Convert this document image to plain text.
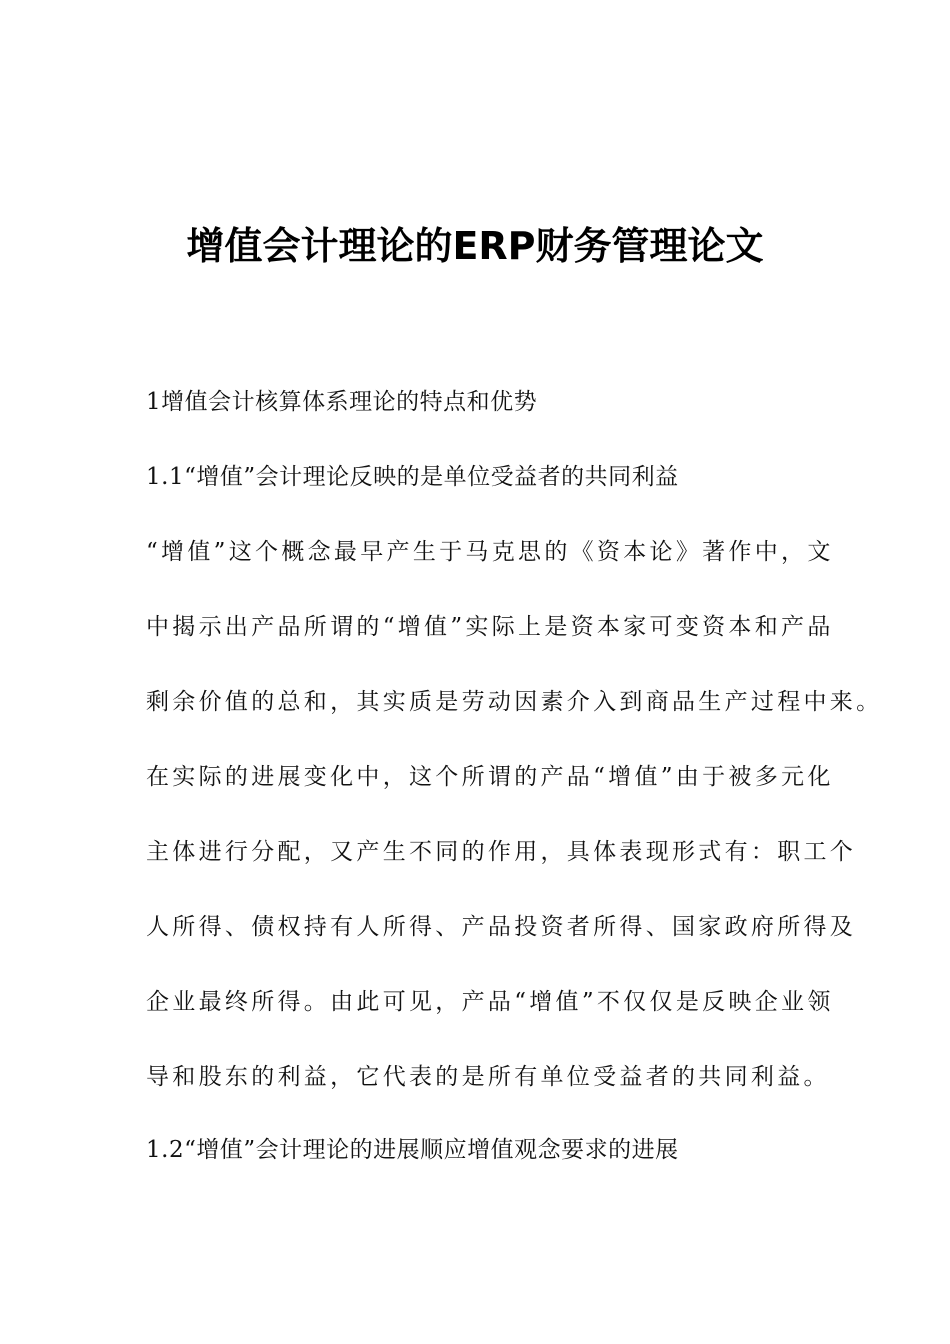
增值会计理论的ERP财务管理论文

1增值会计核算体系理论的特点和优势

1.1“增值”会计理论反映的是单位受益者的共同利益

“增值”这个概念最早产生于马克思的《资本论》著作中，文

中揭示出产品所谓的“增值”实际上是资本家可变资本和产品

剩余价值的总和，其实质是劳动因素介入到商品生产过程中来。

在实际的进展变化中，这个所谓的产品“增值”由于被多元化

主体进行分配，又产生不同的作用，具体表现形式有：职工个

人所得、债权持有人所得、产品投资者所得、国家政府所得及

企业最终所得。由此可见，产品“增值”不仅仅是反映企业领

导和股东的利益，它代表的是所有单位受益者的共同利益。

1.2“增值”会计理论的进展顺应增值观念要求的进展
